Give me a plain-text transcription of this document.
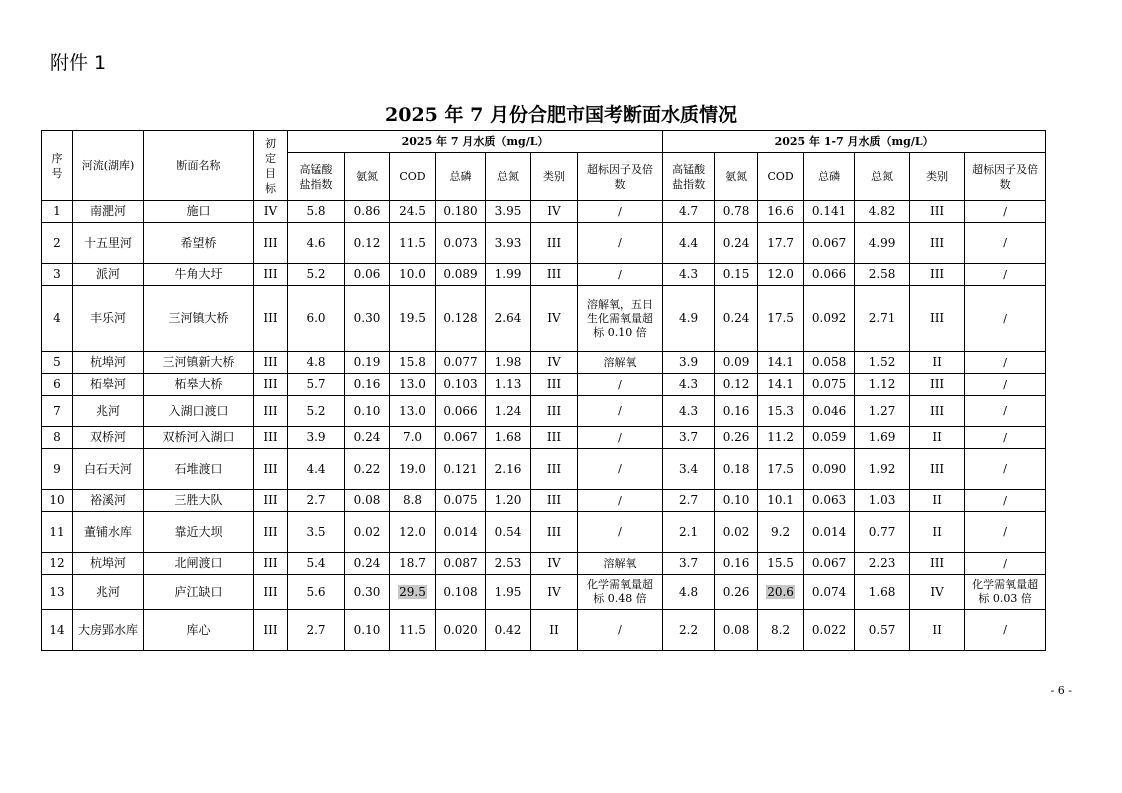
附件 1
2025 年 7 月份合肥市国考断面水质情况
序号	河流(湖库)	断面名称	初定目标	2025 年 7 月水质（mg/L）							2025 年 1-7 月水质（mg/L）						
				高锰酸盐指数	氨氮	COD	总磷	总氮	类别	超标因子及倍数	高锰酸盐指数	氨氮	COD	总磷	总氮	类别	超标因子及倍数
1	南淝河	施口	IV	5.8	0.86	24.5	0.180	3.95	IV	/	4.7	0.78	16.6	0.141	4.82	III	/
2	十五里河	希望桥	III	4.6	0.12	11.5	0.073	3.93	III	/	4.4	0.24	17.7	0.067	4.99	III	/
3	派河	牛角大圩	III	5.2	0.06	10.0	0.089	1.99	III	/	4.3	0.15	12.0	0.066	2.58	III	/
4	丰乐河	三河镇大桥	III	6.0	0.30	19.5	0.128	2.64	IV	溶解氧，五日生化需氧量超标 0.10 倍	4.9	0.24	17.5	0.092	2.71	III	/
5	杭埠河	三河镇新大桥	III	4.8	0.19	15.8	0.077	1.98	IV	溶解氧	3.9	0.09	14.1	0.058	1.52	II	/
6	柘皋河	柘皋大桥	III	5.7	0.16	13.0	0.103	1.13	III	/	4.3	0.12	14.1	0.075	1.12	III	/
7	兆河	入湖口渡口	III	5.2	0.10	13.0	0.066	1.24	III	/	4.3	0.16	15.3	0.046	1.27	III	/
8	双桥河	双桥河入湖口	III	3.9	0.24	7.0	0.067	1.68	III	/	3.7	0.26	11.2	0.059	1.69	II	/
9	白石天河	石堆渡口	III	4.4	0.22	19.0	0.121	2.16	III	/	3.4	0.18	17.5	0.090	1.92	III	/
10	裕溪河	三胜大队	III	2.7	0.08	8.8	0.075	1.20	III	/	2.7	0.10	10.1	0.063	1.03	II	/
11	董铺水库	靠近大坝	III	3.5	0.02	12.0	0.014	0.54	III	/	2.1	0.02	9.2	0.014	0.77	II	/
12	杭埠河	北闸渡口	III	5.4	0.24	18.7	0.087	2.53	IV	溶解氧	3.7	0.16	15.5	0.067	2.23	III	/
13	兆河	庐江缺口	III	5.6	0.30	29.5	0.108	1.95	IV	化学需氧量超标 0.48 倍	4.8	0.26	20.6	0.074	1.68	IV	化学需氧量超标 0.03 倍
14	大房郢水库	库心	III	2.7	0.10	11.5	0.020	0.42	II	/	2.2	0.08	8.2	0.022	0.57	II	/
- 6 -
